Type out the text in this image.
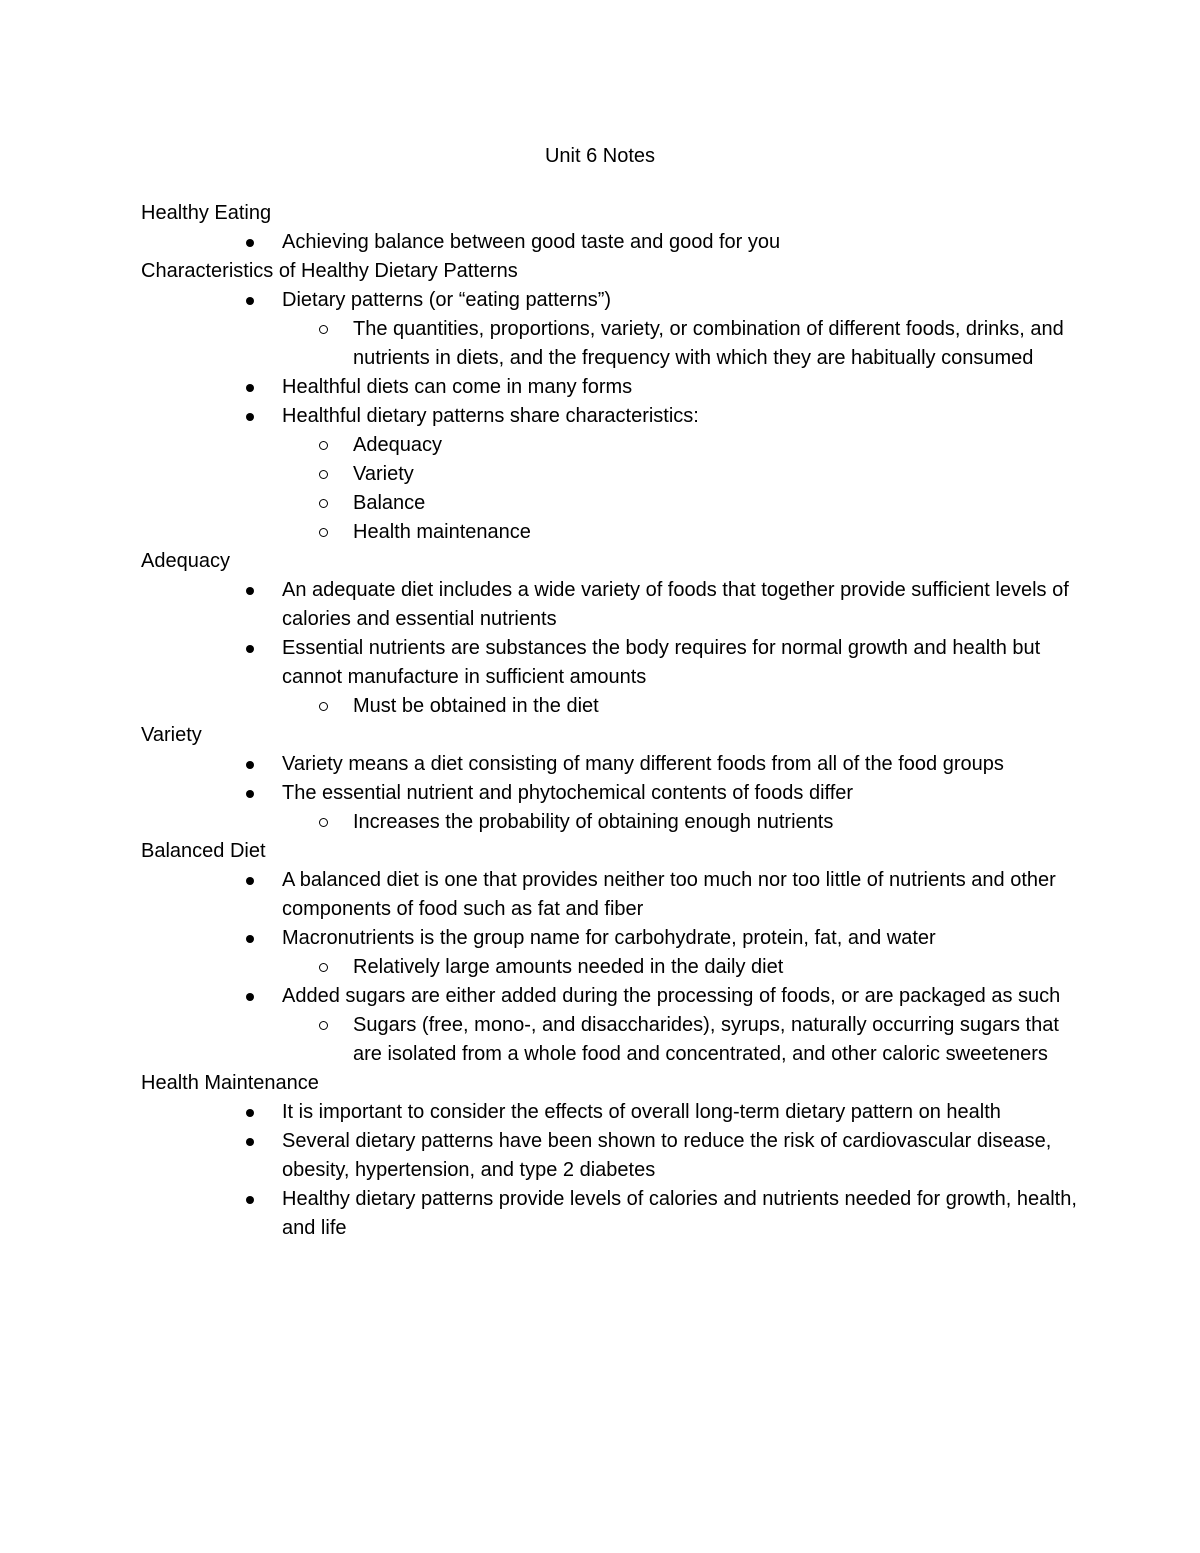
Unit 6 Notes
Healthy Eating
Achieving balance between good taste and good for you
Characteristics of Healthy Dietary Patterns
Dietary patterns (or “eating patterns”)
The quantities, proportions, variety, or combination of different foods, drinks, and nutrients in diets, and the frequency with which they are habitually consumed
Healthful diets can come in many forms
Healthful dietary patterns share characteristics:
Adequacy
Variety
Balance
Health maintenance
Adequacy
An adequate diet includes a wide variety of foods that together provide sufficient levels of calories and essential nutrients
Essential nutrients are substances the body requires for normal growth and health but cannot manufacture in sufficient amounts
Must be obtained in the diet
Variety
Variety means a diet consisting of many different foods from all of the food groups
The essential nutrient and phytochemical contents of foods differ
Increases the probability of obtaining enough nutrients
Balanced Diet
A balanced diet is one that provides neither too much nor too little of nutrients and other components of food such as fat and fiber
Macronutrients is the group name for carbohydrate, protein, fat, and water
Relatively large amounts needed in the daily diet
Added sugars are either added during the processing of foods, or are packaged as such
Sugars (free, mono-, and disaccharides), syrups, naturally occurring sugars that are isolated from a whole food and concentrated, and other caloric sweeteners
Health Maintenance
It is important to consider the effects of overall long-term dietary pattern on health
Several dietary patterns have been shown to reduce the risk of cardiovascular disease, obesity, hypertension, and type 2 diabetes
Healthy dietary patterns provide levels of calories and nutrients needed for growth, health, and life
